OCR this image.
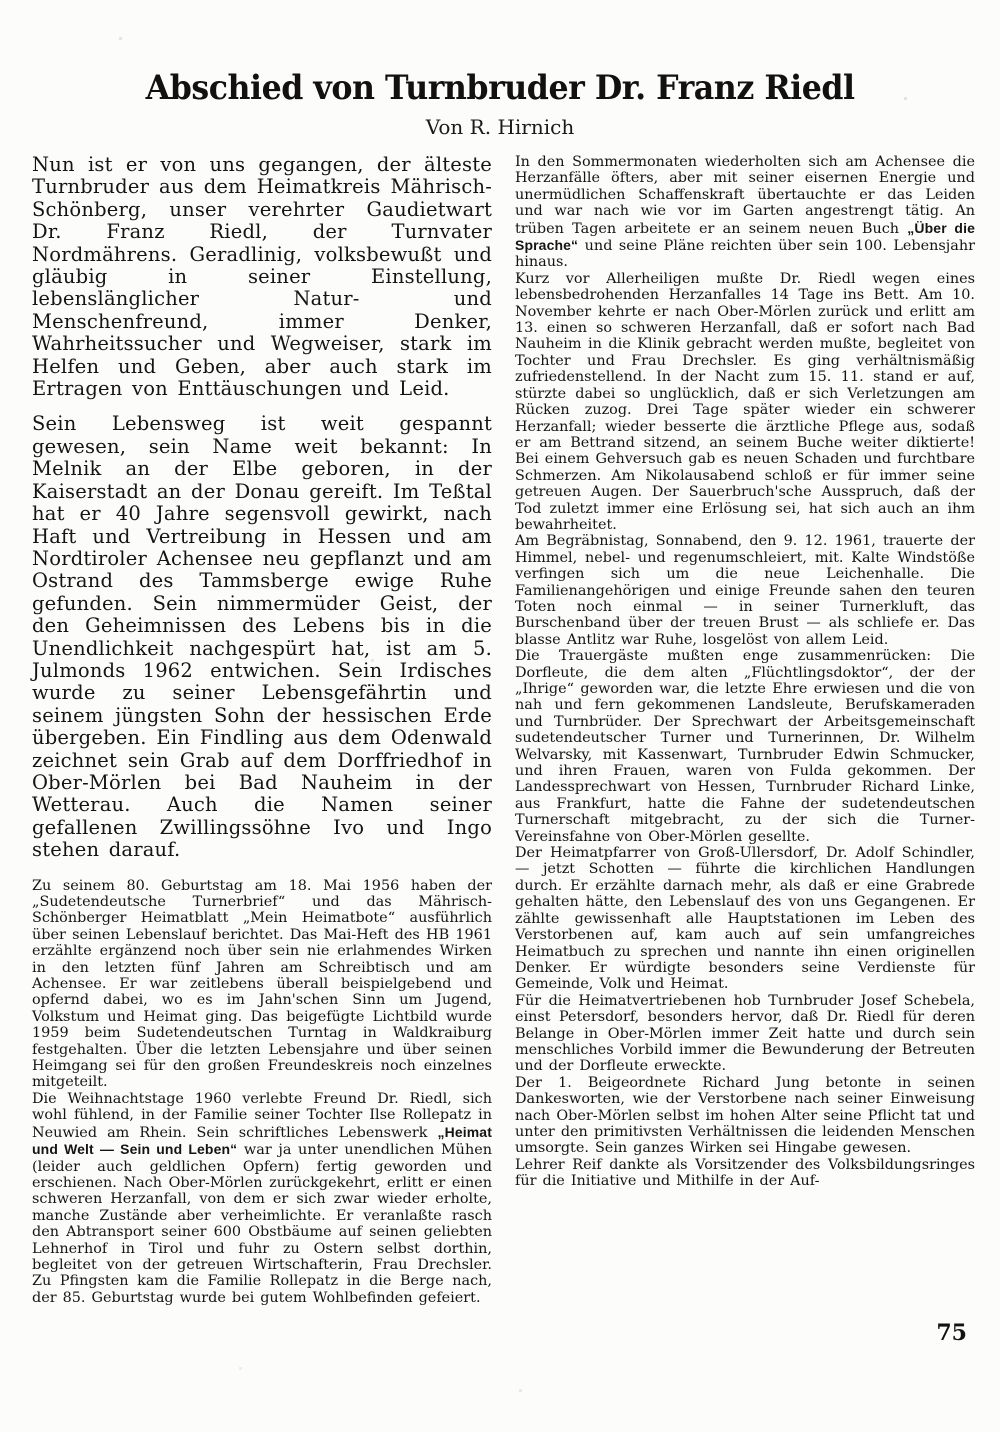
Abschied von Turnbruder Dr. Franz Riedl
Von R. Hirnich

Nun ist er von uns gegangen, der älteste Turnbruder aus dem Heimatkreis Mährisch-Schönberg, unser verehrter Gaudietwart Dr. Franz Riedl, der Turnvater Nordmährens. Geradlinig, volksbewußt und gläubig in seiner Einstellung, lebenslänglicher Natur- und Menschenfreund, immer Denker, Wahrheitssucher und Wegweiser, stark im Helfen und Geben, aber auch stark im Ertragen von Enttäuschungen und Leid.

Sein Lebensweg ist weit gespannt gewesen, sein Name weit bekannt: In Melnik an der Elbe geboren, in der Kaiserstadt an der Donau gereift. Im Teßtal hat er 40 Jahre segensvoll gewirkt, nach Haft und Vertreibung in Hessen und am Nordtiroler Achensee neu gepflanzt und am Ostrand des Tammsberge ewige Ruhe gefunden. Sein nimmermüder Geist, der den Geheimnissen des Lebens bis in die Unendlichkeit nachgespürt hat, ist am 5. Julmonds 1962 entwichen. Sein Irdisches wurde zu seiner Lebensgefährtin und seinem jüngsten Sohn der hessischen Erde übergeben. Ein Findling aus dem Odenwald zeichnet sein Grab auf dem Dorffriedhof in Ober-Mörlen bei Bad Nauheim in der Wetterau. Auch die Namen seiner gefallenen Zwillingssöhne Ivo und Ingo stehen darauf.

Zu seinem 80. Geburtstag am 18. Mai 1956 haben der „Sudetendeutsche Turnerbrief“ und das Mährisch-Schönberger Heimatblatt „Mein Heimatbote“ ausführlich über seinen Lebenslauf berichtet. Das Mai-Heft des HB 1961 erzählte ergänzend noch über sein nie erlahmendes Wirken in den letzten fünf Jahren am Schreibtisch und am Achensee. Er war zeitlebens überall beispielgebend und opfernd dabei, wo es im Jahn'schen Sinn um Jugend, Volkstum und Heimat ging. Das beigefügte Lichtbild wurde 1959 beim Sudetendeutschen Turntag in Waldkraiburg festgehalten. Über die letzten Lebensjahre und über seinen Heimgang sei für den großen Freundeskreis noch einzelnes mitgeteilt.

Die Weihnachtstage 1960 verlebte Freund Dr. Riedl, sich wohl fühlend, in der Familie seiner Tochter Ilse Rollepatz in Neuwied am Rhein. Sein schriftliches Lebenswerk „Heimat und Welt — Sein und Leben“ war ja unter unendlichen Mühen (leider auch geldlichen Opfern) fertig geworden und erschienen. Nach Ober-Mörlen zurückgekehrt, erlitt er einen schweren Herzanfall, von dem er sich zwar wieder erholte, manche Zustände aber verheimlichte. Er veranlaßte rasch den Abtransport seiner 600 Obstbäume auf seinen geliebten Lehnerhof in Tirol und fuhr zu Ostern selbst dorthin, begleitet von der getreuen Wirtschafterin, Frau Drechsler. Zu Pfingsten kam die Familie Rollepatz in die Berge nach, der 85. Geburtstag wurde bei gutem Wohlbefinden gefeiert.

In den Sommermonaten wiederholten sich am Achensee die Herzanfälle öfters, aber mit seiner eisernen Energie und unermüdlichen Schaffenskraft übertauchte er das Leiden und war nach wie vor im Garten angestrengt tätig. An trüben Tagen arbeitete er an seinem neuen Buch „Über die Sprache“ und seine Pläne reichten über sein 100. Lebensjahr hinaus.

Kurz vor Allerheiligen mußte Dr. Riedl wegen eines lebensbedrohenden Herzanfalles 14 Tage ins Bett. Am 10. November kehrte er nach Ober-Mörlen zurück und erlitt am 13. einen so schweren Herzanfall, daß er sofort nach Bad Nauheim in die Klinik gebracht werden mußte, begleitet von Tochter und Frau Drechsler. Es ging verhältnismäßig zufriedenstellend. In der Nacht zum 15. 11. stand er auf, stürzte dabei so unglücklich, daß er sich Verletzungen am Rücken zuzog. Drei Tage später wieder ein schwerer Herzanfall; wieder besserte die ärztliche Pflege aus, sodaß er am Bettrand sitzend, an seinem Buche weiter diktierte! Bei einem Gehversuch gab es neuen Schaden und furchtbare Schmerzen. Am Nikolausabend schloß er für immer seine getreuen Augen. Der Sauerbruch'sche Ausspruch, daß der Tod zuletzt immer eine Erlösung sei, hat sich auch an ihm bewahrheitet.

Am Begräbnistag, Sonnabend, den 9. 12. 1961, trauerte der Himmel, nebel- und regenumschleiert, mit. Kalte Windstöße verfingen sich um die neue Leichenhalle. Die Familienangehörigen und einige Freunde sahen den teuren Toten noch einmal — in seiner Turnerkluft, das Burschenband über der treuen Brust — als schliefe er. Das blasse Antlitz war Ruhe, losgelöst von allem Leid.

Die Trauergäste mußten enge zusammenrücken: Die Dorfleute, die dem alten „Flüchtlingsdoktor“, der der „Ihrige“ geworden war, die letzte Ehre erwiesen und die von nah und fern gekommenen Landsleute, Berufskameraden und Turnbrüder. Der Sprechwart der Arbeitsgemeinschaft sudetendeutscher Turner und Turnerinnen, Dr. Wilhelm Welvarsky, mit Kassenwart, Turnbruder Edwin Schmucker, und ihren Frauen, waren von Fulda gekommen. Der Landessprechwart von Hessen, Turnbruder Richard Linke, aus Frankfurt, hatte die Fahne der sudetendeutschen Turnerschaft mitgebracht, zu der sich die Turner-Vereinsfahne von Ober-Mörlen gesellte.

Der Heimatpfarrer von Groß-Ullersdorf, Dr. Adolf Schindler, — jetzt Schotten — führte die kirchlichen Handlungen durch. Er erzählte darnach mehr, als daß er eine Grabrede gehalten hätte, den Lebenslauf des von uns Gegangenen. Er zählte gewissenhaft alle Hauptstationen im Leben des Verstorbenen auf, kam auch auf sein umfangreiches Heimatbuch zu sprechen und nannte ihn einen originellen Denker. Er würdigte besonders seine Verdienste für Gemeinde, Volk und Heimat.

Für die Heimatvertriebenen hob Turnbruder Josef Schebela, einst Petersdorf, besonders hervor, daß Dr. Riedl für deren Belange in Ober-Mörlen immer Zeit hatte und durch sein menschliches Vorbild immer die Bewunderung der Betreuten und der Dorfleute erweckte.

Der 1. Beigeordnete Richard Jung betonte in seinen Dankesworten, wie der Verstorbene nach seiner Einweisung nach Ober-Mörlen selbst im hohen Alter seine Pflicht tat und unter den primitivsten Verhältnissen die leidenden Menschen umsorgte. Sein ganzes Wirken sei Hingabe gewesen.

Lehrer Reif dankte als Vorsitzender des Volksbildungsringes für die Initiative und Mithilfe in der Auf-

75
